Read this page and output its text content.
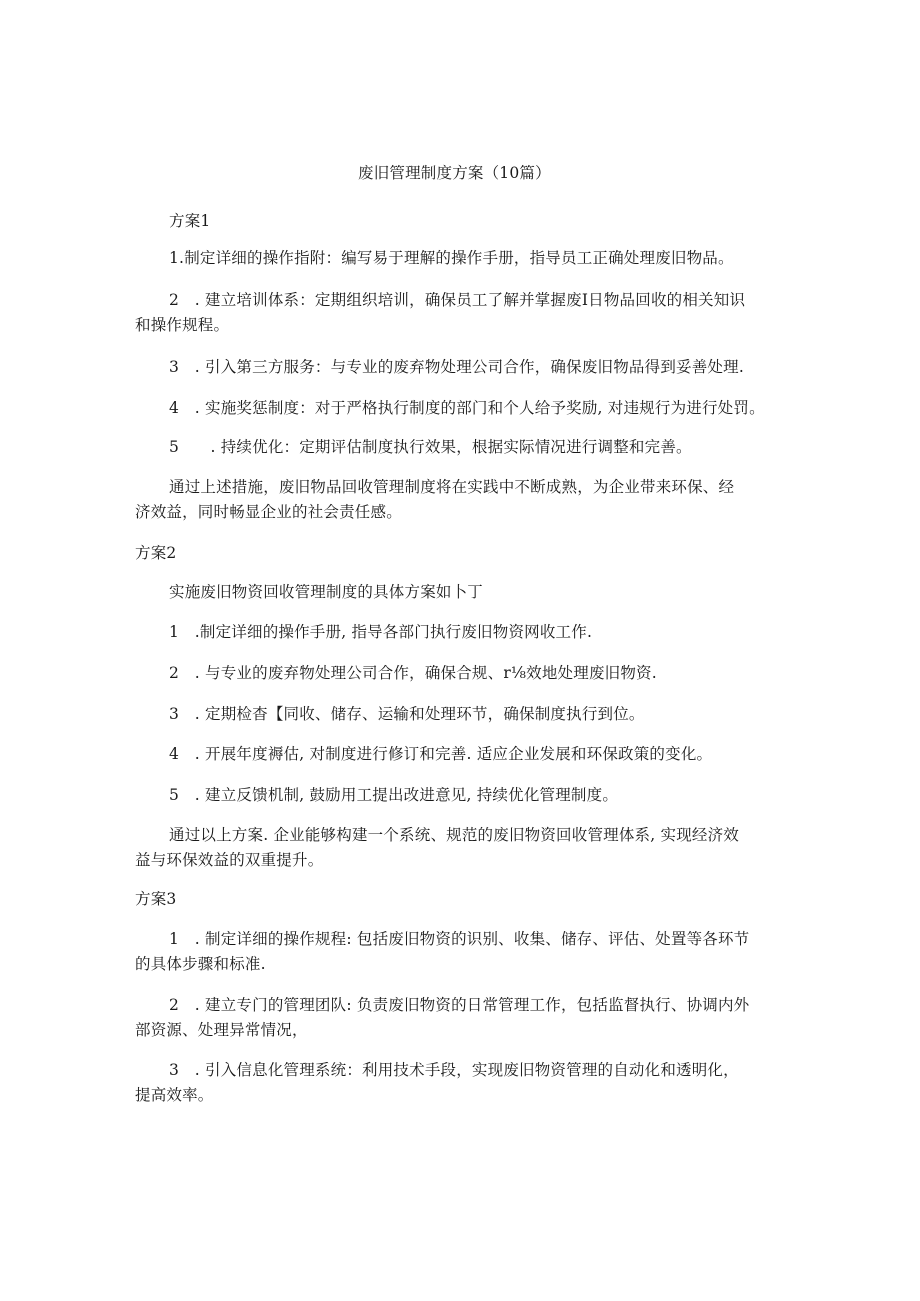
废旧管理制度方案（10篇）
方案1
1.制定详细的操作指附：编写易于理解的操作手册，指导员工正确处理废旧物品。
2　. 建立培训体系：定期组织培训，确保员工了解并掌握废I日物品回收的相关知识
和操作规程。
3　. 引入第三方服务：与专业的废弃物处理公司合作，确保废旧物品得到妥善处理.
4　. 实施奖惩制度：对于严格执行制度的部门和个人给予奖励, 对违规行为进行处罚。
5　　. 持续优化：定期评估制度执行效果，根据实际情况进行调整和完善。
通过上述措施，废旧物品回收管理制度将在实践中不断成熟，为企业带来环保、经
济效益，同时畅显企业的社会责任感。
方案2
实施废旧物资回收管理制度的具体方案如卜丁
1　.制定详细的操作手册, 指导各部门执行废旧物资网收工作.
2　. 与专业的废弃物处理公司合作，确保合规、r⅛效地处理废旧物资.
3　. 定期检杳【同收、储存、运输和处理环节，确保制度执行到位。
4　. 开展年度褥估, 对制度进行修订和完善. 适应企业发展和环保政策的变化。
5　. 建立反馈机制, 鼓励用工提出改进意见, 持续优化管理制度。
通过以上方案. 企业能够构建一个系统、规范的废旧物资回收管理体系, 实现经济效
益与环保效益的双重提升。
方案3
1　. 制定详细的操作规程: 包括废旧物资的识别、收集、储存、评估、处置等各环节
的具体步骤和标准.
2　. 建立专门的管理团队: 负责废旧物资的日常管理工作，包括监督执行、协调内外
部资源、处理异常情况，
3　. 引入信息化管理系统：利用技术手段，实现废旧物资管理的自动化和透明化，
提高效率。
